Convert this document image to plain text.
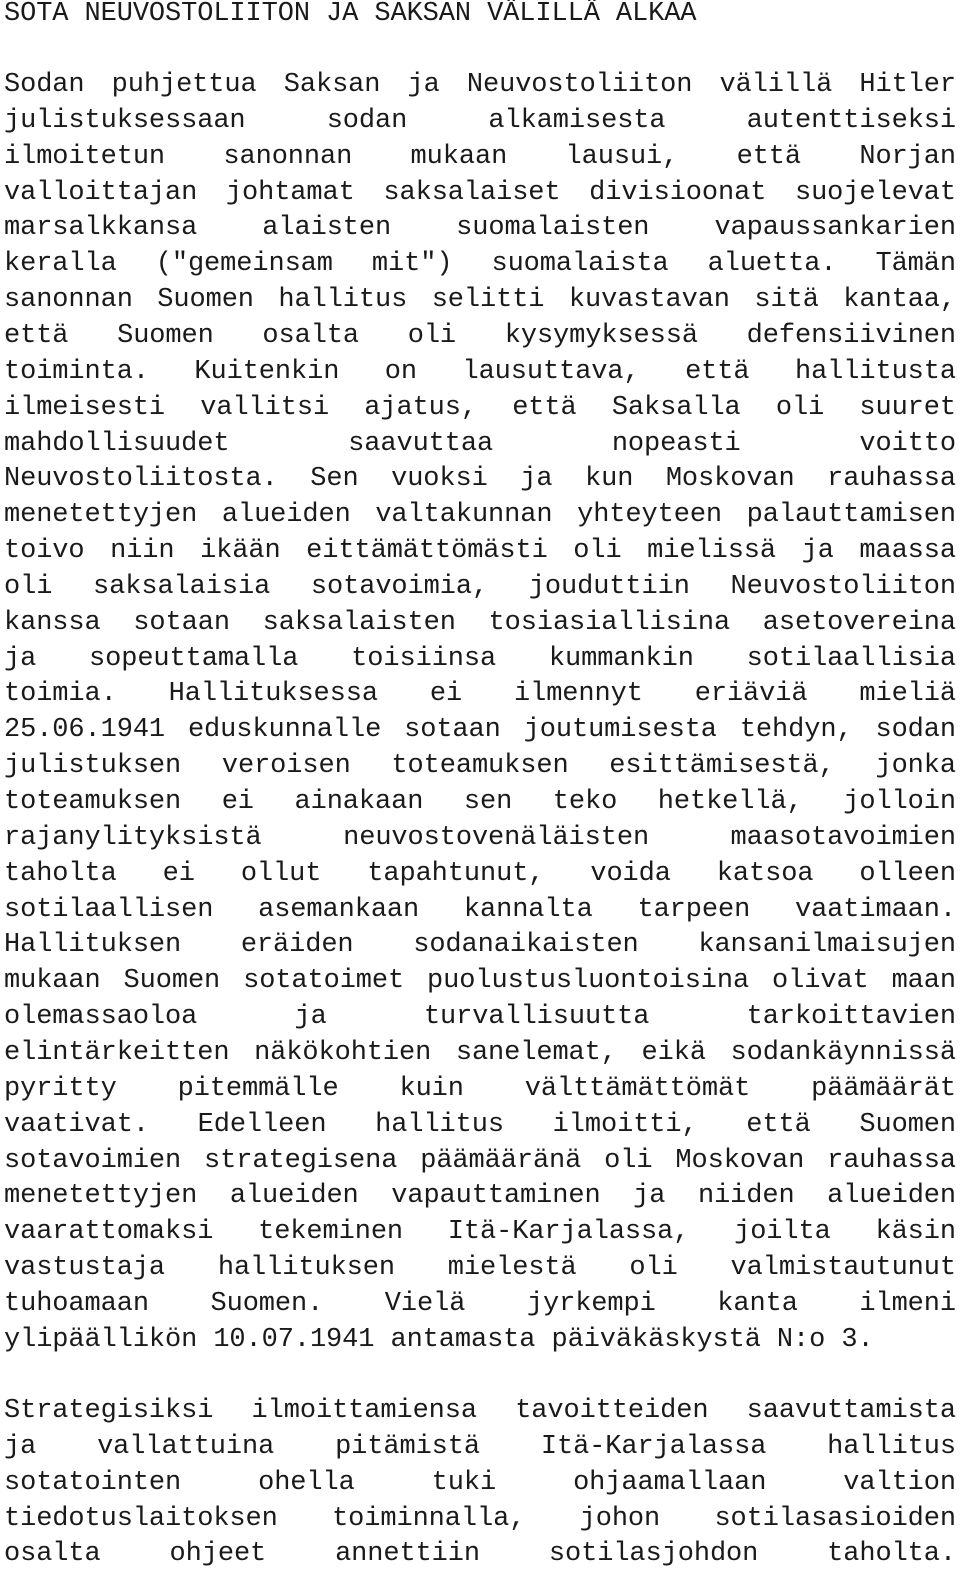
SOTA NEUVOSTOLIITON JA SAKSAN VÄLILLÄ ALKAA
Sodan puhjettua Saksan ja Neuvostoliiton välillä Hitler
julistuksessaan sodan alkamisesta autenttiseksi
ilmoitetun sanonnan mukaan lausui, että Norjan
valloittajan johtamat saksalaiset divisioonat suojelevat
marsalkkansa alaisten suomalaisten vapaussankarien
keralla ("gemeinsam mit") suomalaista aluetta. Tämän
sanonnan Suomen hallitus selitti kuvastavan sitä kantaa,
että Suomen osalta oli kysymyksessä defensiivinen
toiminta. Kuitenkin on lausuttava, että hallitusta
ilmeisesti vallitsi ajatus, että Saksalla oli suuret
mahdollisuudet saavuttaa nopeasti voitto
Neuvostoliitosta. Sen vuoksi ja kun Moskovan rauhassa
menetettyjen alueiden valtakunnan yhteyteen palauttamisen
toivo niin ikään eittämättömästi oli mielissä ja maassa
oli saksalaisia sotavoimia, jouduttiin Neuvostoliiton
kanssa sotaan saksalaisten tosiasiallisina asetovereina
ja sopeuttamalla toisiinsa kummankin sotilaallisia
toimia. Hallituksessa ei ilmennyt eriäviä mieliä
25.06.1941 eduskunnalle sotaan joutumisesta tehdyn, sodan
julistuksen veroisen toteamuksen esittämisestä, jonka
toteamuksen ei ainakaan sen teko hetkellä, jolloin
rajanylityksistä neuvostovenäläisten maasotavoimien
taholta ei ollut tapahtunut, voida katsoa olleen
sotilaallisen asemankaan kannalta tarpeen vaatimaan.
Hallituksen eräiden sodanaikaisten kansanilmaisujen
mukaan Suomen sotatoimet puolustusluontoisina olivat maan
olemassaoloa ja turvallisuutta tarkoittavien
elintärkeitten näkökohtien sanelemat, eikä sodankäynnissä
pyritty pitemmälle kuin välttämättömät päämäärät
vaativat. Edelleen hallitus ilmoitti, että Suomen
sotavoimien strategisena päämääränä oli Moskovan rauhassa
menetettyjen alueiden vapauttaminen ja niiden alueiden
vaarattomaksi tekeminen Itä-Karjalassa, joilta käsin
vastustaja hallituksen mielestä oli valmistautunut
tuhoamaan Suomen. Vielä jyrkempi kanta ilmeni
ylipäällikön 10.07.1941 antamasta päiväkäskystä N:o 3.
Strategisiksi ilmoittamiensa tavoitteiden saavuttamista
ja vallattuina pitämistä Itä-Karjalassa hallitus
sotatointen ohella tuki ohjaamallaan valtion
tiedotuslaitoksen toiminnalla, johon sotilasasioiden
osalta ohjeet annettiin sotilasjohdon taholta.
